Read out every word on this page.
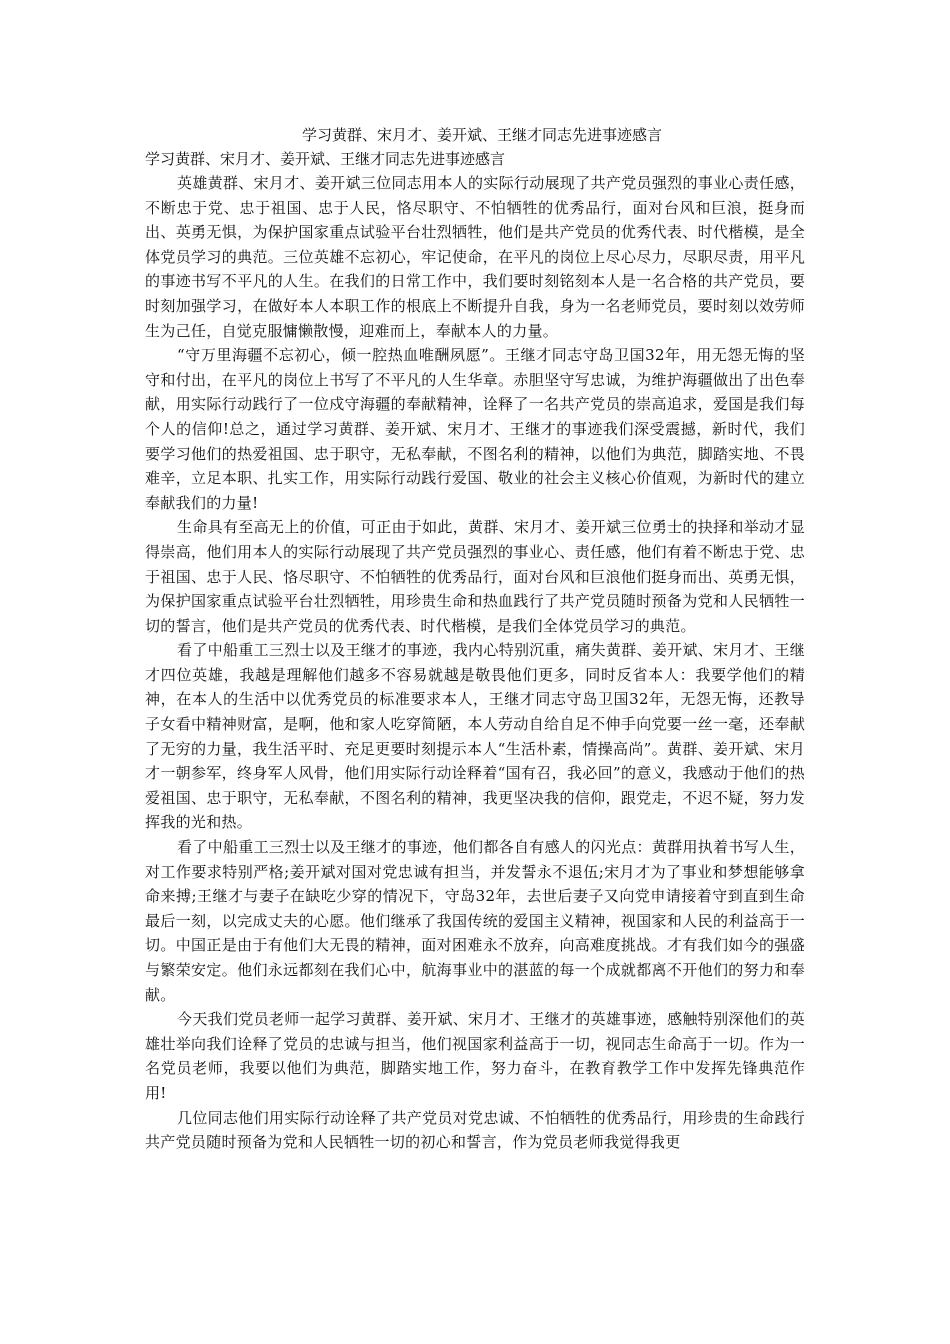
学习黄群、宋月才、姜开斌、王继才同志先进事迹感言

学习黄群、宋月才、姜开斌、王继才同志先进事迹感言

英雄黄群、宋月才、姜开斌三位同志用本人的实际行动展现了共产党员强烈的事业心责任感，不断忠于党、忠于祖国、忠于人民，恪尽职守、不怕牺牲的优秀品行，面对台风和巨浪，挺身而出、英勇无惧，为保护国家重点试验平台壮烈牺牲，他们是共产党员的优秀代表、时代楷模，是全体党员学习的典范。三位英雄不忘初心，牢记使命，在平凡的岗位上尽心尽力，尽职尽责，用平凡的事迹书写不平凡的人生。在我们的日常工作中，我们要时刻铭刻本人是一名合格的共产党员，要时刻加强学习，在做好本人本职工作的根底上不断提升自我，身为一名老师党员，要时刻以效劳师生为己任，自觉克服慵懒散慢，迎难而上，奉献本人的力量。

“守万里海疆不忘初心，倾一腔热血唯酬夙愿”。王继才同志守岛卫国32年，用无怨无悔的坚守和付出，在平凡的岗位上书写了不平凡的人生华章。赤胆坚守写忠诚，为维护海疆做出了出色奉献，用实际行动践行了一位戍守海疆的奉献精神，诠释了一名共产党员的崇高追求，爱国是我们每个人的信仰!总之，通过学习黄群、姜开斌、宋月才、王继才的事迹我们深受震撼，新时代，我们要学习他们的热爱祖国、忠于职守，无私奉献，不图名利的精神，以他们为典范，脚踏实地、不畏难辛，立足本职、扎实工作，用实际行动践行爱国、敬业的社会主义核心价值观，为新时代的建立奉献我们的力量!

生命具有至高无上的价值，可正由于如此，黄群、宋月才、姜开斌三位勇士的抉择和举动才显得崇高，他们用本人的实际行动展现了共产党员强烈的事业心、责任感，他们有着不断忠于党、忠于祖国、忠于人民、恪尽职守、不怕牺牲的优秀品行，面对台风和巨浪他们挺身而出、英勇无惧，为保护国家重点试验平台壮烈牺牲，用珍贵生命和热血践行了共产党员随时预备为党和人民牺牲一切的誓言，他们是共产党员的优秀代表、时代楷模，是我们全体党员学习的典范。

看了中船重工三烈士以及王继才的事迹，我内心特别沉重，痛失黄群、姜开斌、宋月才、王继才四位英雄，我越是理解他们越多不容易就越是敬畏他们更多，同时反省本人：我要学他们的精神，在本人的生活中以优秀党员的标准要求本人，王继才同志守岛卫国32年，无怨无悔，还教导子女看中精神财富，是啊，他和家人吃穿简陋，本人劳动自给自足不伸手向党要一丝一毫，还奉献了无穷的力量，我生活平时、充足更要时刻提示本人“生活朴素，情操高尚”。黄群、姜开斌、宋月才一朝参军，终身军人风骨，他们用实际行动诠释着“国有召，我必回”的意义，我感动于他们的热爱祖国、忠于职守，无私奉献，不图名利的精神，我更坚决我的信仰，跟党走，不迟不疑，努力发挥我的光和热。

看了中船重工三烈士以及王继才的事迹，他们都各自有感人的闪光点：黄群用执着书写人生，对工作要求特别严格;姜开斌对国对党忠诚有担当，并发誓永不退伍;宋月才为了事业和梦想能够拿命来搏;王继才与妻子在缺吃少穿的情况下，守岛32年，去世后妻子又向党申请接着守到直到生命最后一刻，以完成丈夫的心愿。他们继承了我国传统的爱国主义精神，视国家和人民的利益高于一切。中国正是由于有他们大无畏的精神，面对困难永不放弃，向高难度挑战。才有我们如今的强盛与繁荣安定。他们永远都刻在我们心中，航海事业中的湛蓝的每一个成就都离不开他们的努力和奉献。

今天我们党员老师一起学习黄群、姜开斌、宋月才、王继才的英雄事迹，感触特别深他们的英雄壮举向我们诠释了党员的忠诚与担当，他们视国家利益高于一切，视同志生命高于一切。作为一名党员老师，我要以他们为典范，脚踏实地工作，努力奋斗，在教育教学工作中发挥先锋典范作用!

几位同志他们用实际行动诠释了共产党员对党忠诚、不怕牺牲的优秀品行，用珍贵的生命践行共产党员随时预备为党和人民牺牲一切的初心和誓言，作为党员老师我觉得我更
